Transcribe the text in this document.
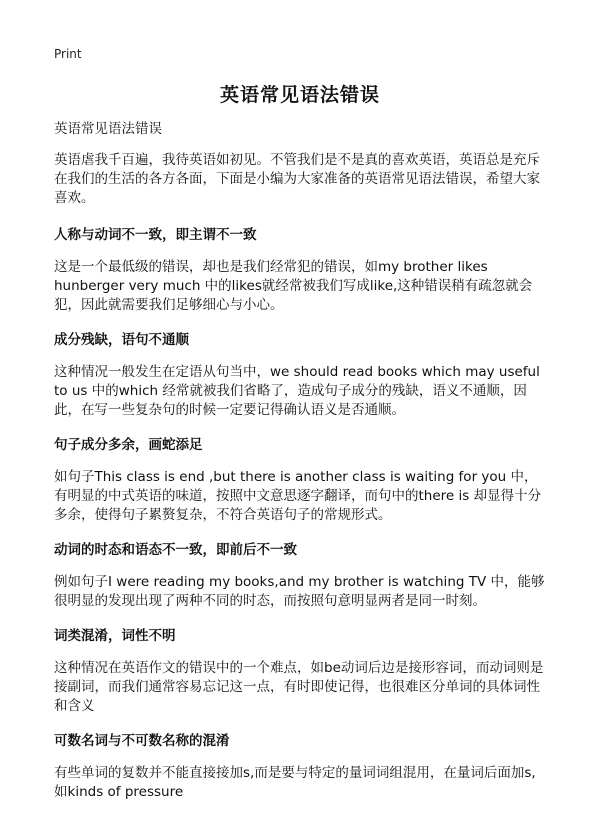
Print
英语常见语法错误

英语常见语法错误

英语虐我千百遍，我待英语如初见。不管我们是不是真的喜欢英语，英语总是充斥在我们的生活的各方各面，下面是小编为大家准备的英语常见语法错误，希望大家喜欢。

人称与动词不一致，即主谓不一致

这是一个最低级的错误，却也是我们经常犯的错误，如my brother likes hunberger very much 中的likes就经常被我们写成like,这种错误稍有疏忽就会犯，因此就需要我们足够细心与小心。

成分残缺，语句不通顺

这种情况一般发生在定语从句当中，we should read books which may useful to us 中的which 经常就被我们省略了，造成句子成分的残缺，语义不通顺，因此，在写一些复杂句的时候一定要记得确认语义是否通顺。

句子成分多余，画蛇添足

如句子This class is end ,but there is another class is waiting for you 中，有明显的中式英语的味道，按照中文意思逐字翻译，而句中的there is 却显得十分多余，使得句子累赘复杂，不符合英语句子的常规形式。

动词的时态和语态不一致，即前后不一致

例如句子I were reading my books,and my brother is watching TV 中，能够很明显的发现出现了两种不同的时态，而按照句意明显两者是同一时刻。

词类混淆，词性不明

这种情况在英语作文的错误中的一个难点，如be动词后边是接形容词，而动词则是接副词，而我们通常容易忘记这一点，有时即使记得，也很难区分单词的具体词性和含义

可数名词与不可数名称的混淆

有些单词的复数并不能直接接加s,而是要与特定的量词词组混用，在量词后面加s,如kinds of pressure
